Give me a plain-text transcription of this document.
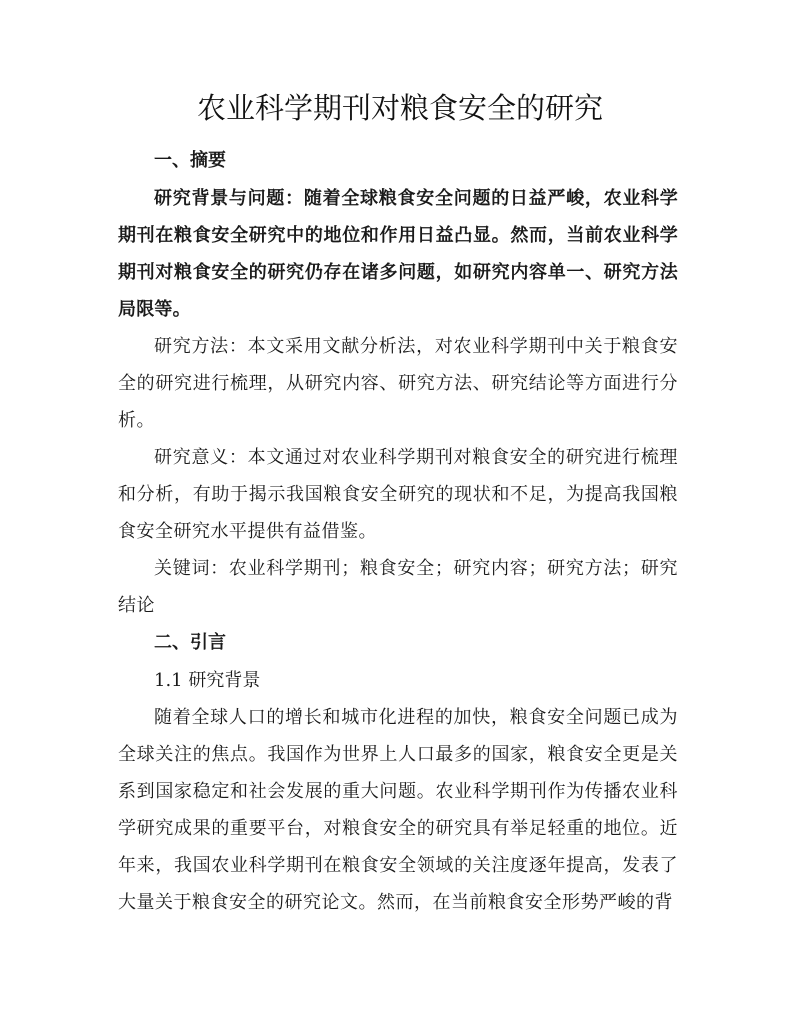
农业科学期刊对粮食安全的研究
一、摘要

研究背景与问题：随着全球粮食安全问题的日益严峻，农业科学期刊在粮食安全研究中的地位和作用日益凸显。然而，当前农业科学期刊对粮食安全的研究仍存在诸多问题，如研究内容单一、研究方法局限等。

研究方法：本文采用文献分析法，对农业科学期刊中关于粮食安全的研究进行梳理，从研究内容、研究方法、研究结论等方面进行分析。

研究意义：本文通过对农业科学期刊对粮食安全的研究进行梳理和分析，有助于揭示我国粮食安全研究的现状和不足，为提高我国粮食安全研究水平提供有益借鉴。

关键词：农业科学期刊；粮食安全；研究内容；研究方法；研究结论

二、引言
1.1 研究背景

随着全球人口的增长和城市化进程的加快，粮食安全问题已成为全球关注的焦点。我国作为世界上人口最多的国家，粮食安全更是关系到国家稳定和社会发展的重大问题。农业科学期刊作为传播农业科学研究成果的重要平台，对粮食安全的研究具有举足轻重的地位。近年来，我国农业科学期刊在粮食安全领域的关注度逐年提高，发表了大量关于粮食安全的研究论文。然而，在当前粮食安全形势严峻的背
